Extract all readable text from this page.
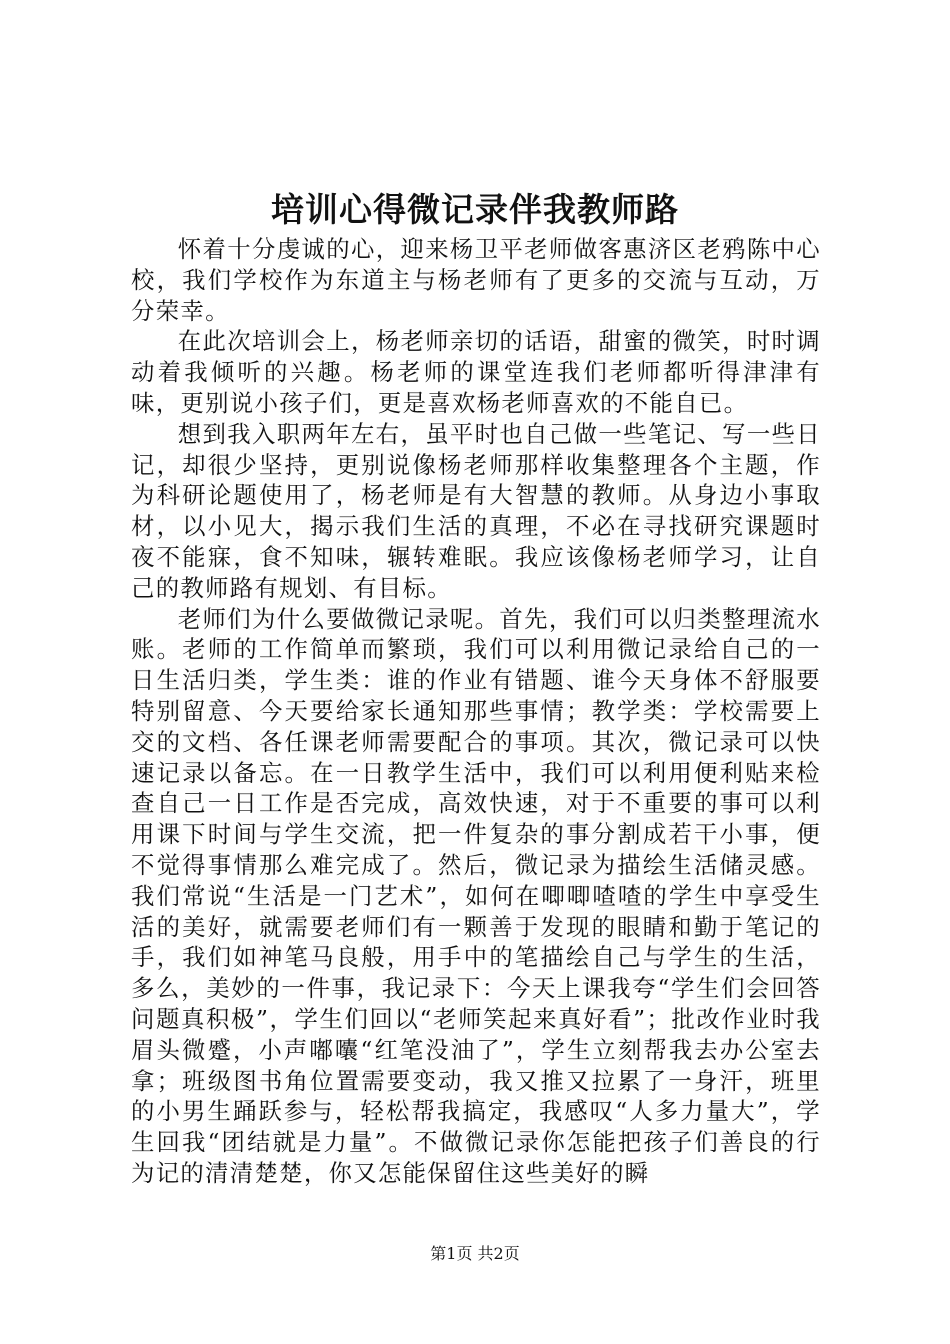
培训心得微记录伴我教师路

怀着十分虔诚的心，迎来杨卫平老师做客惠济区老鸦陈中心校，我们学校作为东道主与杨老师有了更多的交流与互动，万分荣幸。

在此次培训会上，杨老师亲切的话语，甜蜜的微笑，时时调动着我倾听的兴趣。杨老师的课堂连我们老师都听得津津有味，更别说小孩子们，更是喜欢杨老师喜欢的不能自已。

想到我入职两年左右，虽平时也自己做一些笔记、写一些日记，却很少坚持，更别说像杨老师那样收集整理各个主题，作为科研论题使用了，杨老师是有大智慧的教师。从身边小事取材，以小见大，揭示我们生活的真理，不必在寻找研究课题时夜不能寐，食不知味，辗转难眠。我应该像杨老师学习，让自己的教师路有规划、有目标。

老师们为什么要做微记录呢。首先，我们可以归类整理流水账。老师的工作简单而繁琐，我们可以利用微记录给自己的一日生活归类，学生类：谁的作业有错题、谁今天身体不舒服要特别留意、今天要给家长通知那些事情；教学类：学校需要上交的文档、各任课老师需要配合的事项。其次，微记录可以快速记录以备忘。在一日教学生活中，我们可以利用便利贴来检查自己一日工作是否完成，高效快速，对于不重要的事可以利用课下时间与学生交流，把一件复杂的事分割成若干小事，便不觉得事情那么难完成了。然后，微记录为描绘生活储灵感。我们常说“生活是一门艺术”，如何在唧唧喳喳的学生中享受生活的美好，就需要老师们有一颗善于发现的眼睛和勤于笔记的手，我们如神笔马良般，用手中的笔描绘自己与学生的生活，多么，美妙的一件事，我记录下：今天上课我夸“学生们会回答问题真积极”，学生们回以“老师笑起来真好看”；批改作业时我眉头微蹙，小声嘟囔“红笔没油了”，学生立刻帮我去办公室去拿；班级图书角位置需要变动，我又推又拉累了一身汗，班里的小男生踊跃参与，轻松帮我搞定，我感叹“人多力量大”，学生回我“团结就是力量”。不做微记录你怎能把孩子们善良的行为记的清清楚楚，你又怎能保留住这些美好的瞬

第1页 共2页
